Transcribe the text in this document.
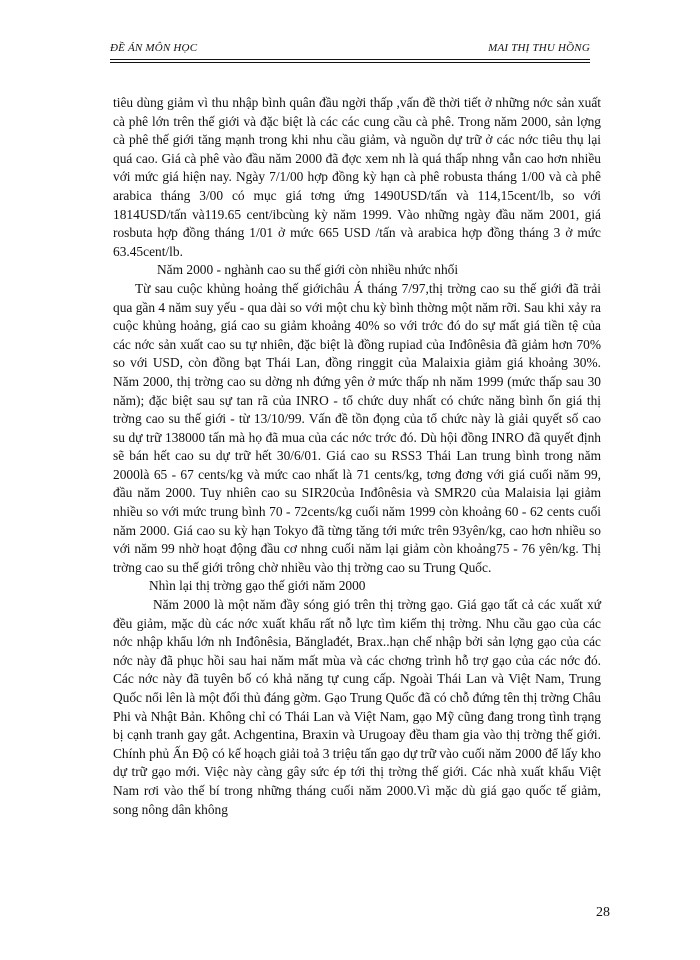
ĐỀ ÁN MÔN HỌC	MAI THỊ THU HỒNG

tiêu dùng giảm vì thu nhập bình quân đầu ngời thấp ,vấn đề thời tiết ở những nớc sản xuất cà phê lớn trên thế giới và đặc biệt là các các cung cầu cà phê. Trong năm 2000, sản lợng cà phê thế giới tăng mạnh trong khi nhu cầu giảm, và nguồn dự trữ ở các nớc tiêu thụ lại quá cao. Giá cà phê vào đầu năm 2000 đã đợc xem nh là quá thấp nhng vẫn cao hơn nhiều với mức giá hiện nay. Ngày 7/1/00 hợp đồng kỳ hạn cà phê robusta tháng 1/00 và cà phê arabica tháng 3/00 có mục giá tơng ứng 1490USD/tấn và 114,15cent/lb, so với 1814USD/tấn và119.65 cent/ibcùng kỳ năm 1999. Vào những ngày đầu năm 2001, giá rosbuta hợp đồng tháng 1/01 ở mức 665 USD /tấn và arabica hợp đồng tháng 3 ở mức 63.45cent/lb.

Năm 2000 - nghành cao su thế giới còn nhiều nhức nhối

Từ sau cuộc khủng hoảng thế giớichâu Á tháng 7/97,thị trờng cao su thế giới đã trải qua gần 4 năm suy yếu - qua dài so với một chu kỳ bình thờng một năm rỡi. Sau khi xảy ra cuộc khủng hoảng, giá cao su giảm khoảng 40% so với trớc đó do sự mất giá tiền tệ của các nớc sản xuất cao su tự nhiên, đặc biệt là đồng rupiad của Inđônêsia đã giảm hơn 70% so với USD, còn đồng bạt Thái Lan, đồng ringgit của Malaixia giảm giá khoảng 30%. Năm 2000, thị trờng cao su dờng nh đứng yên ở mức thấp nh năm 1999 (mức thấp sau 30 năm); đặc biệt sau sự tan rã của INRO - tổ chức duy nhất có chức năng bình ổn giá thị trờng cao su thế giới - từ 13/10/99. Vấn đề tồn đọng của tổ chức này là giải quyết số cao su dự trữ 138000 tấn mà họ đã mua của các nớc trớc đó. Dù hội đồng INRO đã quyết định sẽ bán hết cao su dự trữ hết 30/6/01. Giá cao su RSS3 Thái Lan trung bình trong năm 2000là 65 - 67 cents/kg và mức cao nhất là 71 cents/kg, tơng đơng với giá cuối năm 99, đầu năm 2000. Tuy nhiên cao su SIR20của Inđônêsia và SMR20 của Malaisia lại giảm nhiều so với mức trung bình 70 - 72cents/kg cuối năm 1999 còn khoảng 60 - 62 cents cuối năm 2000. Giá cao su kỳ hạn Tokyo đã từng tăng tới mức trên 93yên/kg, cao hơn nhiều so với năm 99 nhờ hoạt động đầu cơ nhng cuối năm lại giảm còn khoảng75 - 76 yên/kg. Thị trờng cao su thế giới trông chờ nhiều vào thị trờng cao su Trung Quốc.

Nhìn lại thị trờng gạo thế giới năm 2000

Năm 2000 là một năm đầy sóng gió trên thị trờng gạo. Giá gạo tất cả các xuất xứ đều giảm, mặc dù các nớc xuất khẩu rất nỗ lực tìm kiếm thị trờng. Nhu cầu gạo của các nớc nhập khẩu lớn nh Inđônêsia, Bănglađét, Brax..hạn chế nhập bởi sản lợng gạo của các nớc này đã phục hồi sau hai năm mất mùa và các chơng trình hỗ trợ gạo của các nớc đó. Các nớc này đã tuyên bố có khả năng tự cung cấp. Ngoài Thái Lan và Việt Nam, Trung Quốc nổi lên là một đối thủ đáng gờm. Gạo Trung Quốc đã có chỗ đứng tên thị trờng Châu Phi và Nhật Bản. Không chỉ có Thái Lan và Việt Nam, gạo Mỹ cũng đang trong tình trạng bị cạnh tranh gay gắt. Achgentina, Braxin và Urugoay đều tham gia vào thị trờng thế giới. Chính phủ Ấn Độ có kế hoạch giải toả 3 triệu tấn gạo dự trữ vào cuối năm 2000 để lấy kho dự trữ gạo mới. Việc này càng gây sức ép tới thị trờng thế giới. Các nhà xuất khẩu Việt Nam rơi vào thế bí trong những tháng cuối năm 2000.Vì mặc dù giá gạo quốc tế giảm, song nông dân không

28
